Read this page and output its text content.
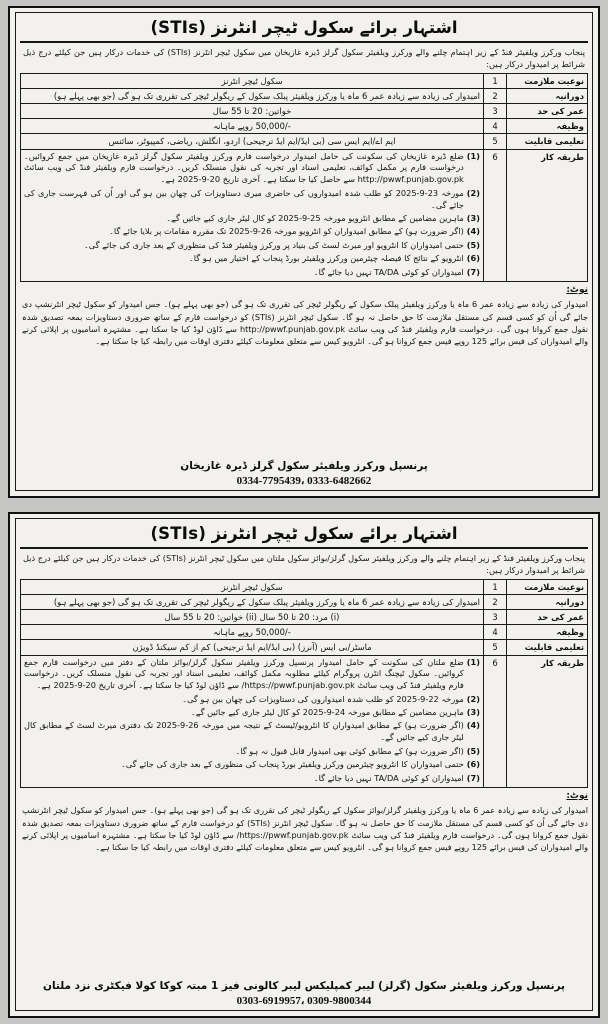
اشتہار برائے سکول ٹیچر انٹرنز (STIs)
پنجاب ورکرز ویلفیئر فنڈ کے زیر اہتمام چلنے والے ورکرز ویلفیئر سکول گرلز ڈیرہ غازیخان میں سکول ٹیچر انٹرنز (STIs) کی خدمات درکار ہیں جن کیلئے درج ذیل شرائط پر امیدوار درکار ہیں:
نوعیت ملازمت	1	سکول ٹیچر انٹرنز
دورانیہ	2	امیدوار کی زیادہ سے زیادہ عمر 6 ماہ یا ورکرز ویلفیئر پبلک سکول کے ریگولر ٹیچر کی تقرری تک ہو گی (جو بھی پہلے ہو)
عمر کی حد	3	خواتین: 20 تا 55 سال
وظیفہ	4	-/50,000 روپے ماہانہ
تعلیمی قابلیت	5	ایم اے/ایم ایس سی (بی ایڈ/ایم ایڈ ترجیحی) اردو، انگلش، ریاضی، کمپیوٹر، سائنس
طریقہ کار	6	
(1)
ضلع ڈیرہ غازیخان کی سکونت کی حامل امیدوار درخواست فارم ورکرز ویلفیئر سکول گرلز ڈیرہ غازیخان میں جمع کروائیں۔ درخواست فارم پر مکمل کوائف، تعلیمی اسناد اور تجربہ کی نقول منسلک کریں۔ درخواست فارم ویلفیئر فنڈ کی ویب سائٹ http://pwwf.punjab.gov.pk سے حاصل کیا جا سکتا ہے۔ آخری تاریخ 20-9-2025 ہے۔
(2)
مورخہ 23-9-2025 کو طلب شدہ امیدواروں کی حاضری میری دستاویزات کی چھان بین ہو گی اور اُن کی فہرست جاری کی جائے گی۔
(3)
ماہرین مضامین کے مطابق انٹرویو مورخہ 25-9-2025 کو کال لیٹر جاری کیے جائیں گے۔
(4)
(اگر ضرورت ہو) کے مطابق امیدواران کو انٹرویو مورخہ 26-9-2025 تک مقررہ مقامات پر بلایا جائے گا۔
(5)
حتمی امیدواران کا انٹرویو اور میرٹ لسٹ کی بنیاد پر ورکرز ویلفیئر فنڈ کی منظوری کے بعد جاری کی جائے گی۔
(6)
انٹرویو کے نتائج کا فیصلہ چیئرمین ورکرز ویلفیئر بورڈ پنجاب کے اختیار میں ہو گا۔
(7)
امیدواران کو کوئی TA/DA نہیں دیا جائے گا۔
نوٹ:
امیدوار کی زیادہ سے زیادہ عمر 6 ماہ یا ورکرز ویلفیئر پبلک سکول کے ریگولر ٹیچر کی تقرری تک ہو گی (جو بھی پہلے ہو)۔ جس امیدوار کو سکول ٹیچر انٹرنشپ دی جائے گی اُن کو کسی قسم کی مستقل ملازمت کا حق حاصل نہ ہو گا۔ سکول ٹیچر انٹرنز (STIs) کو درخواست فارم کے ساتھ ضروری دستاویزات بمعہ تصدیق شدہ نقول جمع کروانا ہوں گی۔ درخواست فارم ویلفیئر فنڈ کی ویب سائٹ http://pwwf.punjab.gov.pk سے ڈاؤن لوڈ کیا جا سکتا ہے۔ مشتہرہ اسامیوں پر اپلائی کرنے والے امیدواران کی فیس برائے 125 روپے فیس جمع کروانا ہو گی۔ انٹرویو کیس سے متعلق معلومات کیلئے دفتری اوقات میں رابطہ کیا جا سکتا ہے۔
پرنسپل ورکرز ویلفیئر سکول گرلز ڈیرہ غازیخان
0334-7795439، 0333-6482662
اشتہار برائے سکول ٹیچر انٹرنز (STIs)
پنجاب ورکرز ویلفیئر فنڈ کے زیر اہتمام چلنے والے ورکرز ویلفیئر سکول گرلز/بوائز سکول ملتان میں سکول ٹیچر انٹرنز (STIs) کی خدمات درکار ہیں جن کیلئے درج ذیل شرائط پر امیدوار درکار ہیں:
نوعیت ملازمت	1	سکول ٹیچر انٹرنز
دورانیہ	2	امیدوار کی زیادہ سے زیادہ عمر 6 ماہ یا ورکرز ویلفیئر پبلک سکول کے ریگولر ٹیچر کی تقرری تک ہو گی (جو بھی پہلے ہو)
عمر کی حد	3	(i) مرد: 20 تا 50 سال (ii) خواتین: 20 تا 55 سال
وظیفہ	4	-/50,000 روپے ماہانہ
تعلیمی قابلیت	5	ماسٹر/بی ایس (آنرز) (بی ایڈ/ایم ایڈ ترجیحی) کم از کم سیکنڈ ڈویژن
طریقہ کار	6	
(1)
ضلع ملتان کی سکونت کے حامل امیدوار پرنسپل ورکرز ویلفیئر سکول گرلز/بوائز ملتان کے دفتر میں درخواست فارم جمع کروائیں۔ سکول ٹیچنگ انٹرن پروگرام کیلئے مطلوبہ مکمل کوائف، تعلیمی اسناد اور تجربہ کی نقول منسلک کریں۔ درخواست فارم ویلفیئر فنڈ کی ویب سائٹ https://pwwf.punjab.gov.pk/ سے ڈاؤن لوڈ کیا جا سکتا ہے۔ آخری تاریخ 20-9-2025 ہے۔
(2)
مورخہ 22-9-2025 کو طلب شدہ امیدواروں کی دستاویزات کی چھان بین ہو گی۔
(3)
ماہرین مضامین کے مطابق مورخہ 24-9-2025 کو کال لیٹر جاری کیے جائیں گے۔
(4)
(اگر ضرورت ہو) کے مطابق امیدواران کا انٹرویو/ٹیسٹ کے نتیجہ میں مورخہ 26-9-2025 تک دفتری میرٹ لسٹ کے مطابق کال لیٹر جاری کیے جائیں گے۔
(5)
(اگر ضرورت ہو) کے مطابق کوئی بھی امیدوار قابل قبول نہ ہو گا۔
(6)
حتمی امیدواران کا انٹرویو چیئرمین ورکرز ویلفیئر بورڈ پنجاب کی منظوری کے بعد جاری کی جائے گی۔
(7)
امیدواران کو کوئی TA/DA نہیں دیا جائے گا۔
نوٹ:
امیدوار کی زیادہ سے زیادہ عمر 6 ماہ یا ورکرز ویلفیئر گرلز/بوائز سکول کے ریگولر ٹیچر کی تقرری تک ہو گی (جو بھی پہلے ہو)۔ جس امیدوار کو سکول ٹیچر انٹرنشپ دی جائے گی اُن کو کسی قسم کی مستقل ملازمت کا حق حاصل نہ ہو گا۔ سکول ٹیچر انٹرنز (STIs) کو درخواست فارم کے ساتھ ضروری دستاویزات بمعہ تصدیق شدہ نقول جمع کروانا ہوں گی۔ درخواست فارم ویلفیئر فنڈ کی ویب سائٹ https://pwwf.punjab.gov.pk/ سے ڈاؤن لوڈ کیا جا سکتا ہے۔ مشتہرہ اسامیوں پر اپلائی کرنے والے امیدواران کی فیس برائے 125 روپے فیس جمع کروانا ہو گی۔ انٹرویو کیس سے متعلق معلومات کیلئے دفتری اوقات میں رابطہ کیا جا سکتا ہے۔
پرنسپل ورکرز ویلفیئر سکول (گرلز) لیبر کمپلیکس لیبر کالونی فیز 1 مبتہ کوکا کولا فیکٹری نزد ملتان
0303-6919957، 0309-9800344
